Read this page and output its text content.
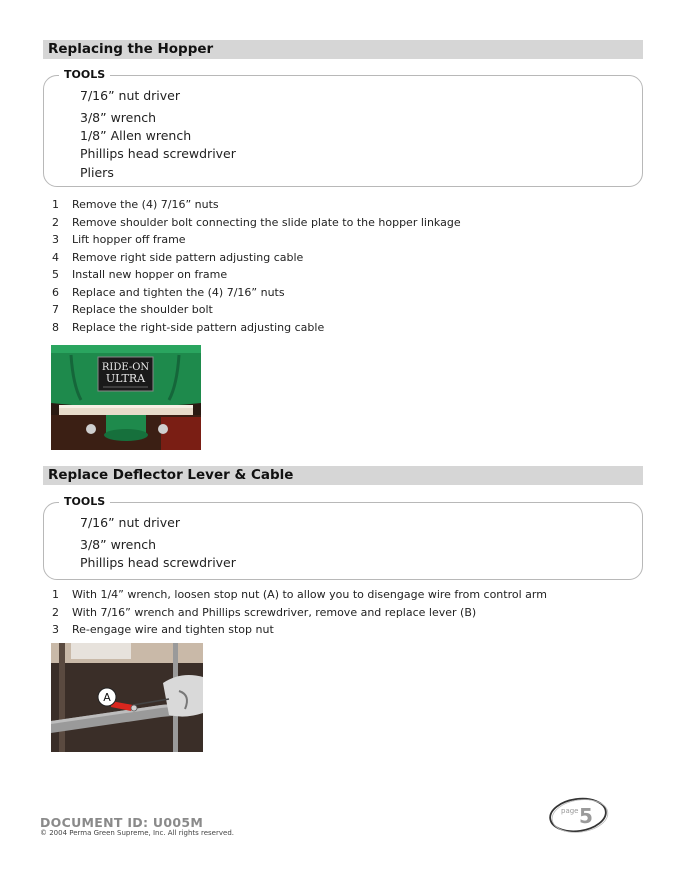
Replacing the Hopper
TOOLS
7/16” nut driver
3/8” wrench
1/8” Allen wrench
Phillips head screwdriver
Pliers
1	Remove the (4) 7/16” nuts
2	Remove shoulder bolt connecting the slide plate to the hopper linkage
3	Lift hopper off frame
4	Remove right side pattern adjusting cable
5	Install new hopper on frame
6	Replace and tighten the (4) 7/16” nuts
7	Replace the shoulder bolt
8	Replace the right-side pattern adjusting cable
RIDE-ON
ULTRA
Replace Deflector Lever & Cable
TOOLS
7/16” nut driver
3/8” wrench
Phillips head screwdriver
1	With 1/4” wrench, loosen stop nut (A) to allow you to disengage wire from control arm
2	With 7/16” wrench and Phillips screwdriver, remove and replace lever (B)
3	Re-engage wire and tighten stop nut
A
DOCUMENT ID: U005M
© 2004 Perma Green Supreme, Inc. All rights reserved.
page 5
